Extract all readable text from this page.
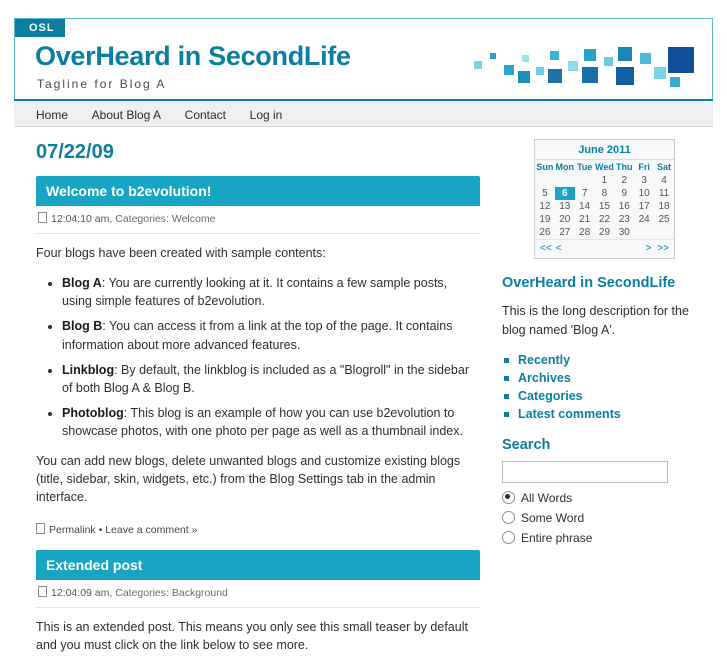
OSL
OverHeard in SecondLife
Tagline for Blog A
Home About Blog A Contact Log in
07/22/09
Welcome to b2evolution!
12:04:10 am, Categories: Welcome

Four blogs have been created with sample contents:

• Blog A: You are currently looking at it. It contains a few sample posts, using simple features of b2evolution.
• Blog B: You can access it from a link at the top of the page. It contains information about more advanced features.
• Linkblog: By default, the linkblog is included as a "Blogroll" in the sidebar of both Blog A & Blog B.
• Photoblog: This blog is an example of how you can use b2evolution to showcase photos, with one photo per page as well as a thumbnail index.

You can add new blogs, delete unwanted blogs and customize existing blogs (title, sidebar, skin, widgets, etc.) from the Blog Settings tab in the admin interface.

Permalink • Leave a comment »
Extended post
12:04:09 am, Categories: Background

This is an extended post. This means you only see this small teaser by default and you must click on the link below to see more.

June 2011
Sun	Mon	Tue	Wed	Thu	Fri	Sat
			1	2	3	4
5	6	7	8	9	10	11
12	13	14	15	16	17	18
19	20	21	22	23	24	25
26	27	28	29	30		
<< <	> >>
OverHeard in SecondLife
This is the long description for the blog named 'Blog A'.
Recently
Archives
Categories
Latest comments
Search
All Words
Some Word
Entire phrase
